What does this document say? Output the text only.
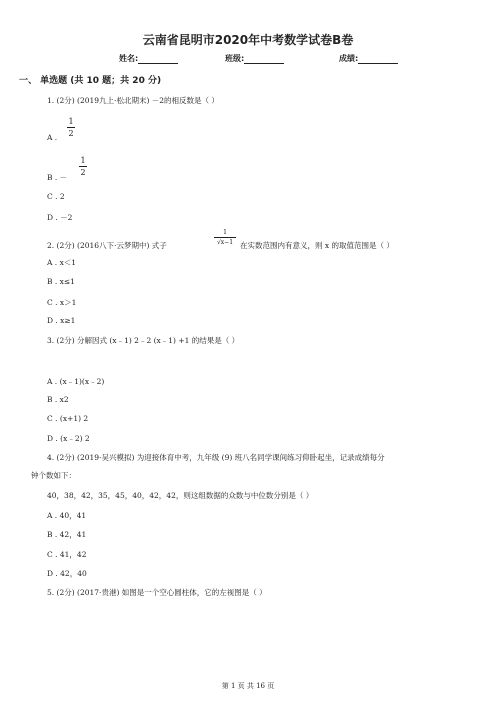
云南省昆明市2020年中考数学试卷B卷
姓名:	班级:	成绩:
一、 单选题 (共 10 题；共 20 分)
1. (2分) (2019九上·松北期末) －2的相反数是（ ）
A .
1
2
B . －
1
2
C . 2
D . －2
2. (2分) (2016八下·云梦期中) 式子
1
√x−1 在实数范围内有意义，则 x 的取值范围是（ ）
A . x＜1
B . x≤1
C . x＞1
D . x≥1
3. (2分) 分解因式 (x﹣1) 2﹣2 (x﹣1) +1 的结果是（ ）
A . (x﹣1)(x﹣2)
B . x2
C . (x+1) 2
D . (x﹣2) 2
4. (2分) (2019·吴兴模拟) 为迎接体育中考，九年级 (9) 班八名同学课间练习仰卧起坐，记录成绩每分
钟个数如下：
40，38，42，35，45，40，42，42，则这组数据的众数与中位数分别是（ ）
A . 40，41
B . 42，41
C . 41，42
D . 42，40
5. (2分) (2017·贵港) 如图是一个空心圆柱体，它的左视图是（ ）
第 1 页 共 16 页
